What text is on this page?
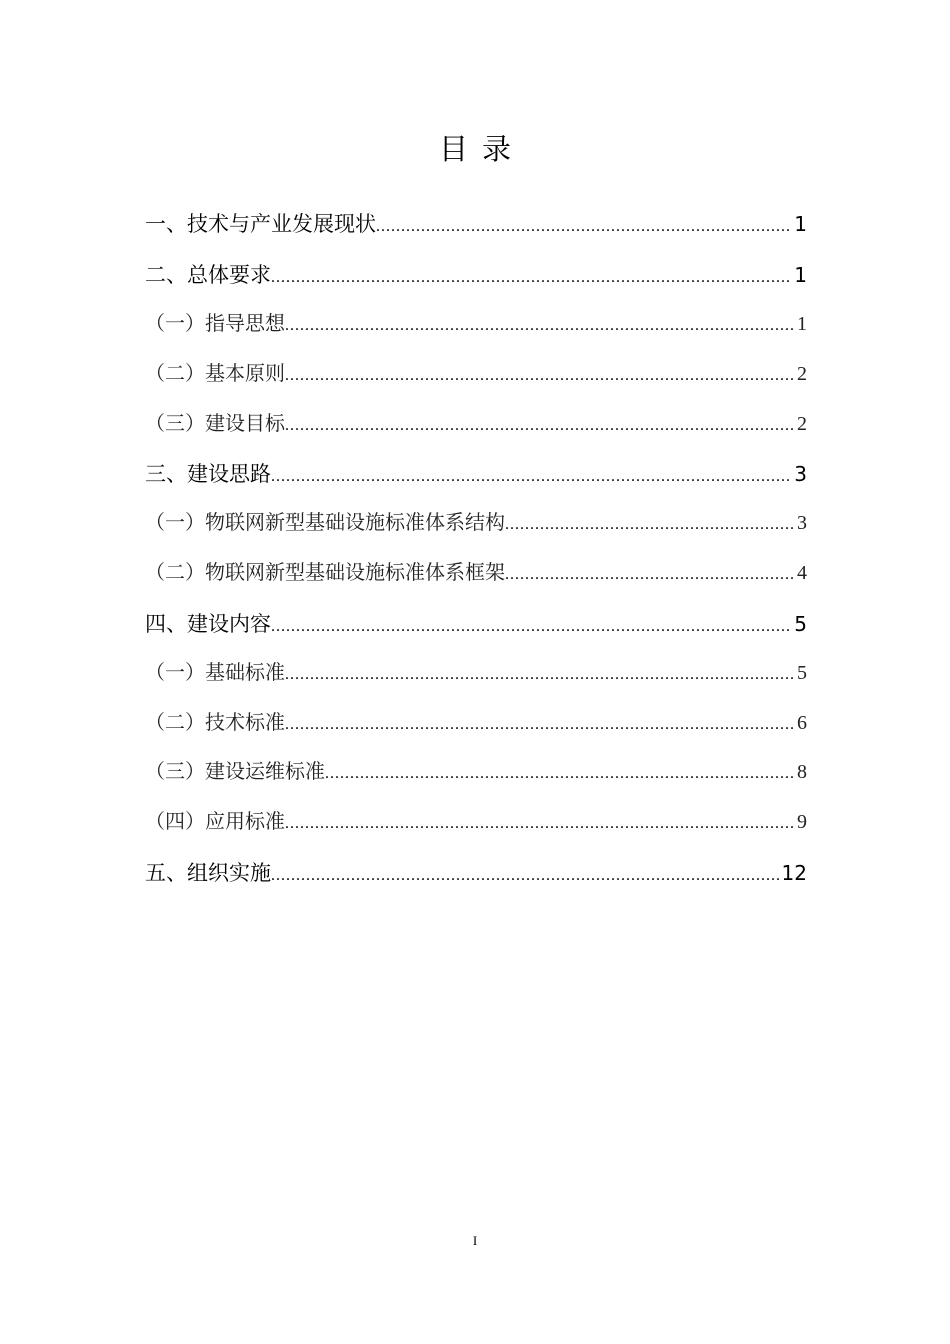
目录
一、技术与产业发展现状 .....	1
二、总体要求 .....	1
（一）指导思想 .....	1
（二）基本原则 .....	2
（三）建设目标 .....	2
三、建设思路 .....	3
（一）物联网新型基础设施标准体系结构 .....	3
（二）物联网新型基础设施标准体系框架 .....	4
四、建设内容 .....	5
（一）基础标准 .....	5
（二）技术标准 .....	6
（三）建设运维标准 .....	8
（四）应用标准 .....	9
五、组织实施 .....	12
I
